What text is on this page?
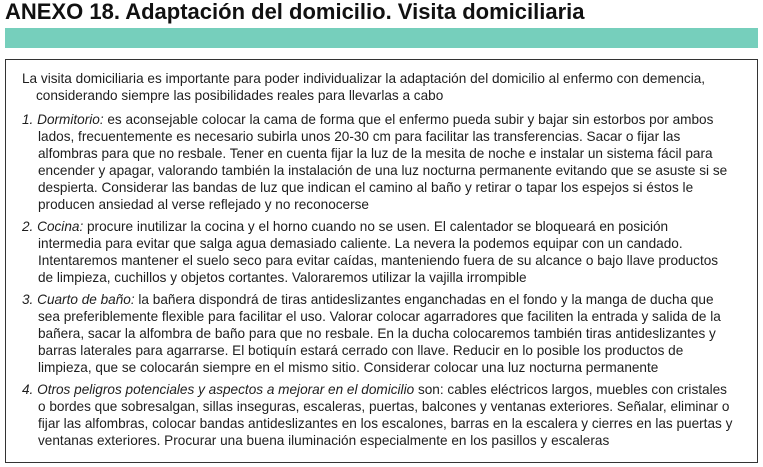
ANEXO 18. Adaptación del domicilio. Visita domiciliaria
La visita domiciliaria es importante para poder individualizar la adaptación del domicilio al enfermo con demencia,
considerando siempre las posibilidades reales para llevarlas a cabo
1. Dormitorio: es aconsejable colocar la cama de forma que el enfermo pueda subir y bajar sin estorbos por ambos
lados, frecuentemente es necesario subirla unos 20-30 cm para facilitar las transferencias. Sacar o fijar las
alfombras para que no resbale. Tener en cuenta fijar la luz de la mesita de noche e instalar un sistema fácil para
encender y apagar, valorando también la instalación de una luz nocturna permanente evitando que se asuste si se
despierta. Considerar las bandas de luz que indican el camino al baño y retirar o tapar los espejos si éstos le
producen ansiedad al verse reflejado y no reconocerse
2. Cocina: procure inutilizar la cocina y el horno cuando no se usen. El calentador se bloqueará en posición
intermedia para evitar que salga agua demasiado caliente. La nevera la podemos equipar con un candado.
Intentaremos mantener el suelo seco para evitar caídas, manteniendo fuera de su alcance o bajo llave productos
de limpieza, cuchillos y objetos cortantes. Valoraremos utilizar la vajilla irrompible
3. Cuarto de baño: la bañera dispondrá de tiras antideslizantes enganchadas en el fondo y la manga de ducha que
sea preferiblemente flexible para facilitar el uso. Valorar colocar agarradores que faciliten la entrada y salida de la
bañera, sacar la alfombra de baño para que no resbale. En la ducha colocaremos también tiras antideslizantes y
barras laterales para agarrarse. El botiquín estará cerrado con llave. Reducir en lo posible los productos de
limpieza, que se colocarán siempre en el mismo sitio. Considerar colocar una luz nocturna permanente
4. Otros peligros potenciales y aspectos a mejorar en el domicilio son: cables eléctricos largos, muebles con cristales
o bordes que sobresalgan, sillas inseguras, escaleras, puertas, balcones y ventanas exteriores. Señalar, eliminar o
fijar las alfombras, colocar bandas antideslizantes en los escalones, barras en la escalera y cierres en las puertas y
ventanas exteriores. Procurar una buena iluminación especialmente en los pasillos y escaleras
